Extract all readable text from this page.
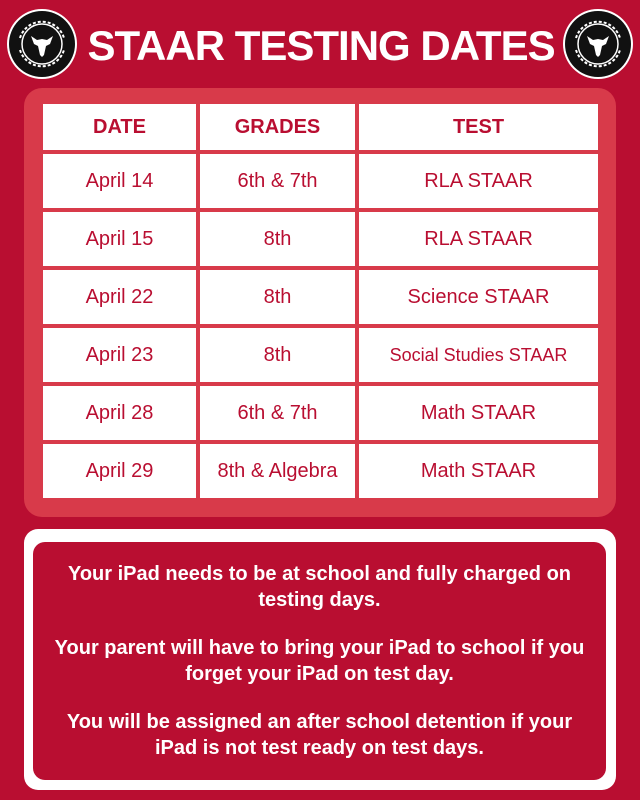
STAAR TESTING DATES
DATE	GRADES	TEST
April 14	6th & 7th	RLA STAAR
April 15	8th	RLA STAAR
April 22	8th	Science STAAR
April 23	8th	Social Studies STAAR
April 28	6th & 7th	Math STAAR
April 29	8th & Algebra	Math STAAR
Your iPad needs to be at school and fully charged on testing days.
Your parent will have to bring your iPad to school if you forget your iPad on test day.
You will be assigned an after school detention if your iPad is not test ready on test days.
